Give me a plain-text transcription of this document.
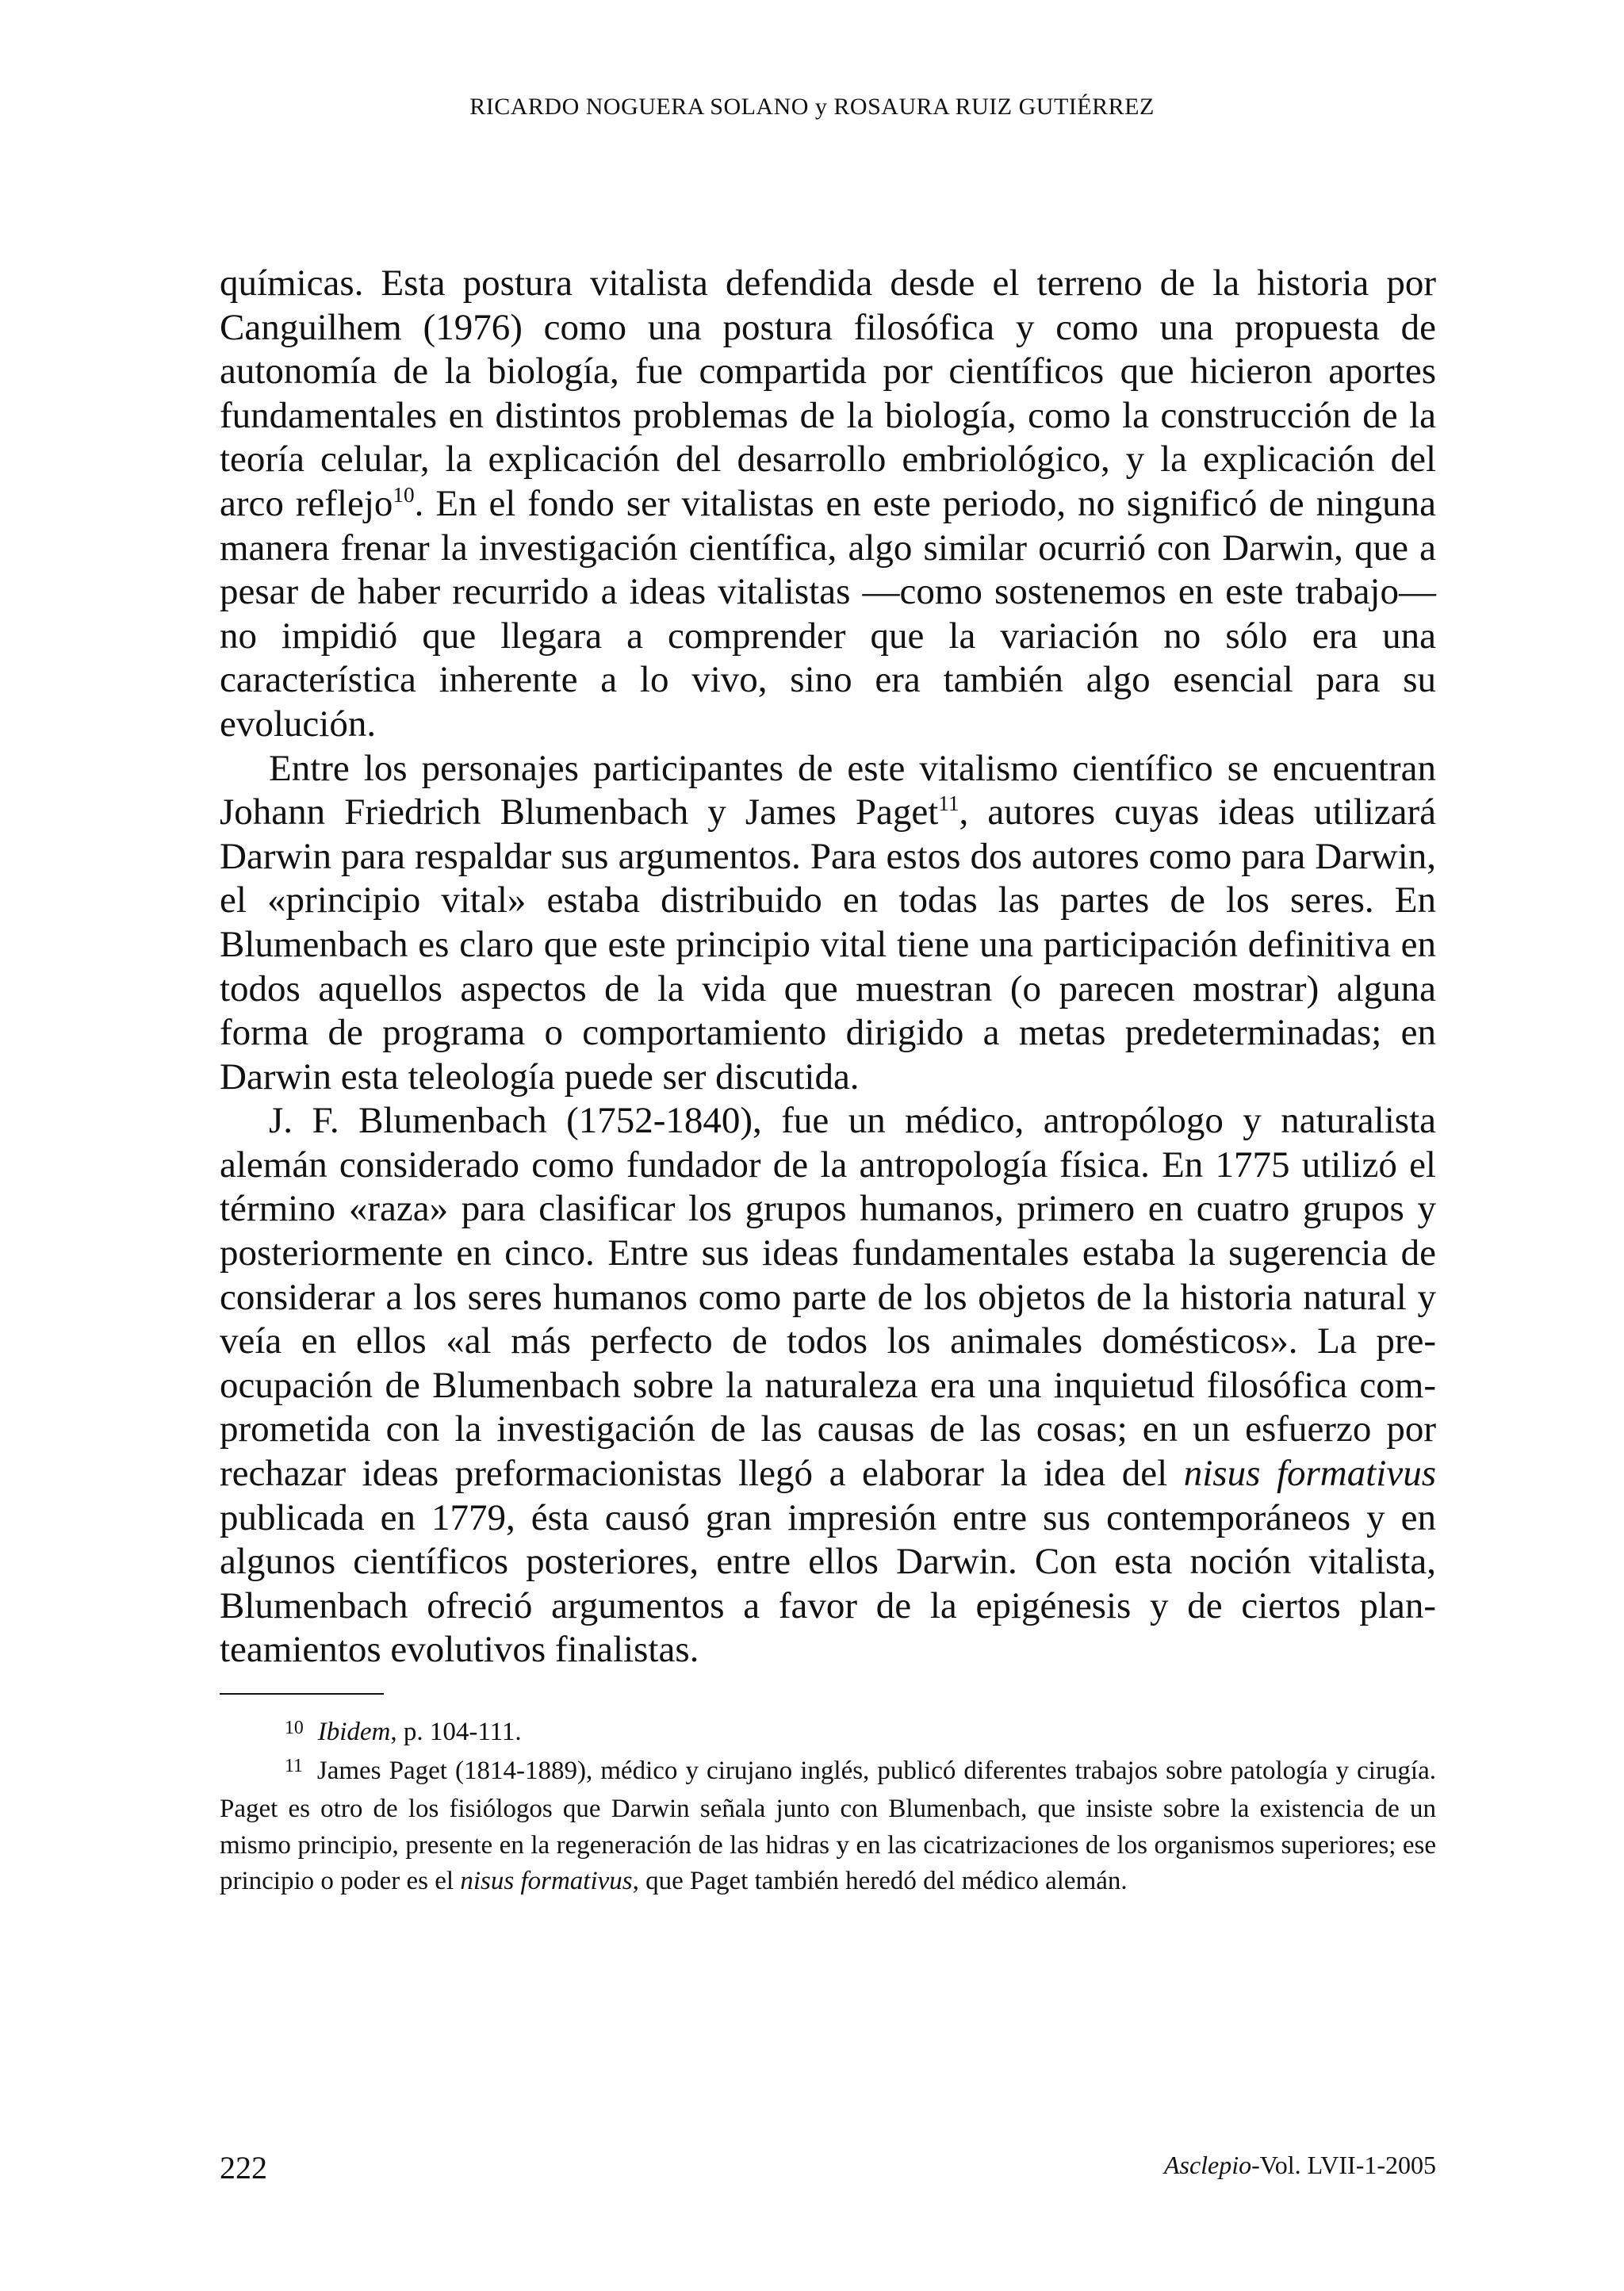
RICARDO NOGUERA SOLANO y ROSAURA RUIZ GUTIÉRREZ

químicas. Esta postura vitalista defendida desde el terreno de la historia por Canguilhem (1976) como una postura filosófica y como una propuesta de autonomía de la biología, fue compartida por científicos que hicieron aportes fundamentales en distintos problemas de la biología, como la construcción de la teoría celular, la explicación del desarrollo embriológico, y la explicación del arco reflejo$^{10}$. En el fondo ser vitalistas en este periodo, no significó de ninguna manera frenar la investigación científica, algo similar ocurrió con Darwin, que a pesar de haber recurrido a ideas vitalistas —como sostenemos en este trabajo— no impidió que llegara a comprender que la variación no sólo era una característica inherente a lo vivo, sino era también algo esencial para su evolución.

Entre los personajes participantes de este vitalismo científico se encuentran Johann Friedrich Blumenbach y James Paget$^{11}$, autores cuyas ideas utilizará Darwin para respaldar sus argumentos. Para estos dos autores como para Darwin, el «principio vital» estaba distribuido en todas las partes de los seres. En Blumenbach es claro que este principio vital tiene una participación definitiva en todos aquellos aspectos de la vida que muestran (o parecen mostrar) alguna forma de programa o comportamiento dirigido a metas predeterminadas; en Darwin esta teleología puede ser discutida.

J. F. Blumenbach (1752-1840), fue un médico, antropólogo y naturalista alemán considerado como fundador de la antropología física. En 1775 utilizó el término «raza» para clasificar los grupos humanos, primero en cuatro grupos y posteriormente en cinco. Entre sus ideas fundamentales estaba la sugerencia de considerar a los seres humanos como parte de los objetos de la historia natural y veía en ellos «al más perfecto de todos los animales domésticos». La preocupación de Blumenbach sobre la naturaleza era una inquietud filosófica comprometida con la investigación de las causas de las cosas; en un esfuerzo por rechazar ideas preformacionistas llegó a elaborar la idea del nisus formativus publicada en 1779, ésta causó gran impresión entre sus contemporáneos y en algunos científicos posteriores, entre ellos Darwin. Con esta noción vitalista, Blumenbach ofreció argumentos a favor de la epigénesis y de ciertos planteamientos evolutivos finalistas.

$^{10}$ Ibidem, p. 104-111.

$^{11}$ James Paget (1814-1889), médico y cirujano inglés, publicó diferentes trabajos sobre patología y cirugía. Paget es otro de los fisiólogos que Darwin señala junto con Blumenbach, que insiste sobre la existencia de un mismo principio, presente en la regeneración de las hidras y en las cicatrizaciones de los organismos superiores; ese principio o poder es el nisus formativus, que Paget también heredó del médico alemán.

222	Asclepio-Vol. LVII-1-2005
